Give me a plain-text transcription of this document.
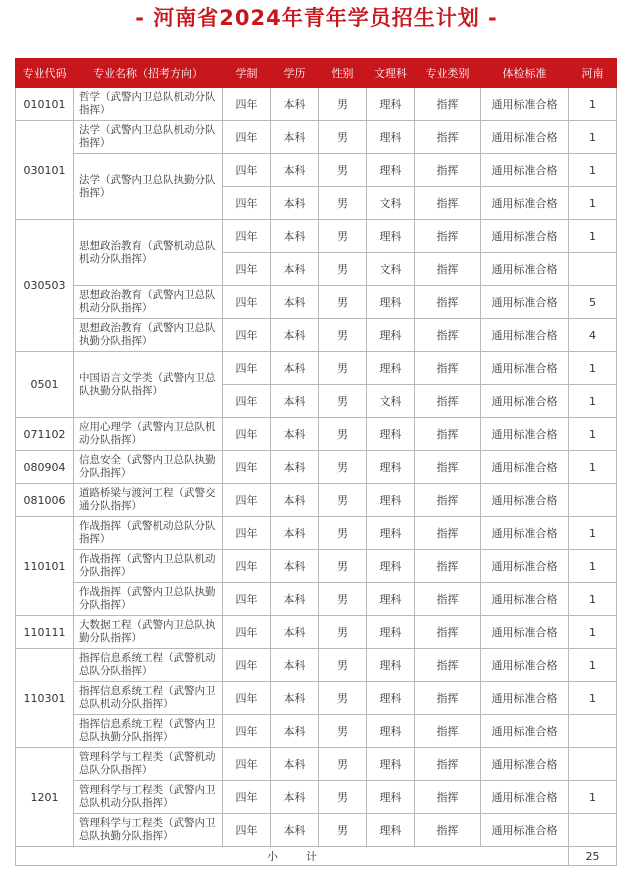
- 河南省2024年青年学员招生计划 -
专业代码	专业名称（招考方向）	学制	学历	性别	文理科	专业类别	体检标准	河南
010101	哲学（武警内卫总队机动分队指挥）	四年	本科	男	理科	指挥	通用标准合格	1
030101	法学（武警内卫总队机动分队指挥）	四年	本科	男	理科	指挥	通用标准合格	1
	法学（武警内卫总队执勤分队指挥）	四年	本科	男	理科	指挥	通用标准合格	1
		四年	本科	男	文科	指挥	通用标准合格	1
030503	思想政治教育（武警机动总队机动分队指挥）	四年	本科	男	理科	指挥	通用标准合格	1
		四年	本科	男	文科	指挥	通用标准合格	
	思想政治教育（武警内卫总队机动分队指挥）	四年	本科	男	理科	指挥	通用标准合格	5
	思想政治教育（武警内卫总队执勤分队指挥）	四年	本科	男	理科	指挥	通用标准合格	4
0501	中国语言文学类（武警内卫总队执勤分队指挥）	四年	本科	男	理科	指挥	通用标准合格	1
		四年	本科	男	文科	指挥	通用标准合格	1
071102	应用心理学（武警内卫总队机动分队指挥）	四年	本科	男	理科	指挥	通用标准合格	1
080904	信息安全（武警内卫总队执勤分队指挥）	四年	本科	男	理科	指挥	通用标准合格	1
081006	道路桥梁与渡河工程（武警交通分队指挥）	四年	本科	男	理科	指挥	通用标准合格	
110101	作战指挥（武警机动总队分队指挥）	四年	本科	男	理科	指挥	通用标准合格	1
	作战指挥（武警内卫总队机动分队指挥）	四年	本科	男	理科	指挥	通用标准合格	1
	作战指挥（武警内卫总队执勤分队指挥）	四年	本科	男	理科	指挥	通用标准合格	1
110111	大数据工程（武警内卫总队执勤分队指挥）	四年	本科	男	理科	指挥	通用标准合格	1
110301	指挥信息系统工程（武警机动总队分队指挥）	四年	本科	男	理科	指挥	通用标准合格	1
	指挥信息系统工程（武警内卫总队机动分队指挥）	四年	本科	男	理科	指挥	通用标准合格	1
	指挥信息系统工程（武警内卫总队执勤分队指挥）	四年	本科	男	理科	指挥	通用标准合格	
1201	管理科学与工程类（武警机动总队分队指挥）	四年	本科	男	理科	指挥	通用标准合格	
	管理科学与工程类（武警内卫总队机动分队指挥）	四年	本科	男	理科	指挥	通用标准合格	1
	管理科学与工程类（武警内卫总队执勤分队指挥）	四年	本科	男	理科	指挥	通用标准合格	
小计								25
